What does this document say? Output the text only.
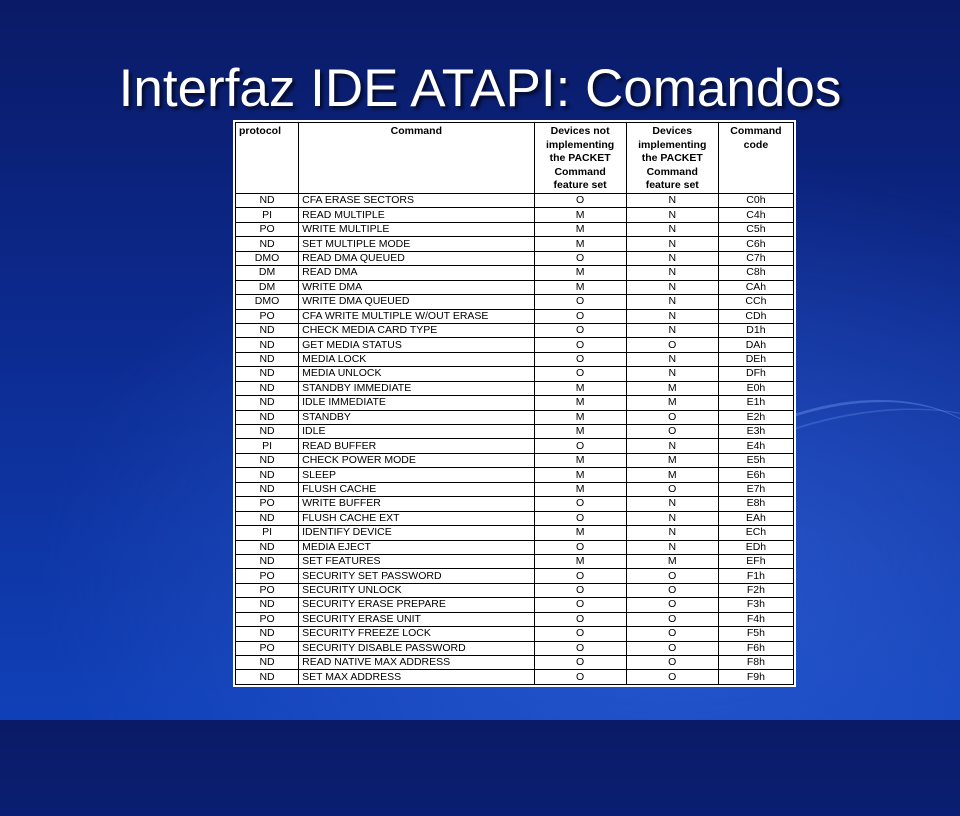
Interfaz IDE ATAPI: Comandos
protocol	Command	Devices not implementing the PACKET Command feature set	Devices implementing the PACKET Command feature set	Command code
ND	CFA ERASE SECTORS	O	N	C0h
PI	READ MULTIPLE	M	N	C4h
PO	WRITE MULTIPLE	M	N	C5h
ND	SET MULTIPLE MODE	M	N	C6h
DMO	READ DMA QUEUED	O	N	C7h
DM	READ DMA	M	N	C8h
DM	WRITE DMA	M	N	CAh
DMO	WRITE DMA QUEUED	O	N	CCh
PO	CFA WRITE MULTIPLE W/OUT ERASE	O	N	CDh
ND	CHECK MEDIA CARD TYPE	O	N	D1h
ND	GET MEDIA STATUS	O	O	DAh
ND	MEDIA LOCK	O	N	DEh
ND	MEDIA UNLOCK	O	N	DFh
ND	STANDBY IMMEDIATE	M	M	E0h
ND	IDLE IMMEDIATE	M	M	E1h
ND	STANDBY	M	O	E2h
ND	IDLE	M	O	E3h
PI	READ BUFFER	O	N	E4h
ND	CHECK POWER MODE	M	M	E5h
ND	SLEEP	M	M	E6h
ND	FLUSH CACHE	M	O	E7h
PO	WRITE BUFFER	O	N	E8h
ND	FLUSH CACHE EXT	O	N	EAh
PI	IDENTIFY DEVICE	M	N	ECh
ND	MEDIA EJECT	O	N	EDh
ND	SET FEATURES	M	M	EFh
PO	SECURITY SET PASSWORD	O	O	F1h
PO	SECURITY UNLOCK	O	O	F2h
ND	SECURITY ERASE PREPARE	O	O	F3h
PO	SECURITY ERASE UNIT	O	O	F4h
ND	SECURITY FREEZE LOCK	O	O	F5h
PO	SECURITY DISABLE PASSWORD	O	O	F6h
ND	READ NATIVE MAX ADDRESS	O	O	F8h
ND	SET MAX ADDRESS	O	O	F9h
